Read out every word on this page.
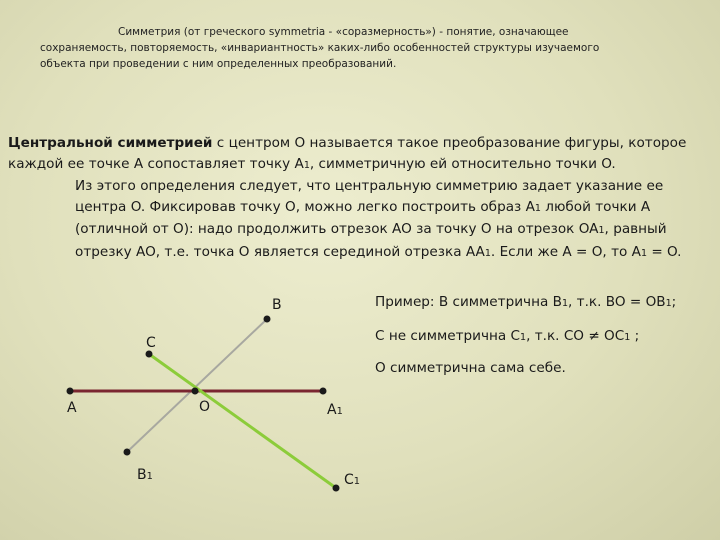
Симметрия (от греческого symmetria - «соразмерность») - понятие, означающее
сохраняемость, повторяемость, «инвариантность» каких-либо особенностей структуры изучаемого
объекта при проведении с ним определенных преобразований.
Центральной симметрией с центром O называется такое преобразование фигуры, которое каждой ее точке A сопоставляет точку A1, симметричную ей относительно точки O.
Из этого определения следует, что центральную симметрию задает указание ее центра O. Фиксировав точку O, можно легко построить образ A1 любой точки A (отличной от O): надо продолжить отрезок AO за точку O на отрезок OA1, равный отрезку AO, т.е. точка O является серединой отрезка AA1. Если же A = O, то A1 = O.
B
C
A	O	A1
B1	C1
Пример: B симметрична B1, т.к. BO = OB1;
C не симметрична C1, т.к. CO ≠ OC1 ;
O симметрична сама себе.
